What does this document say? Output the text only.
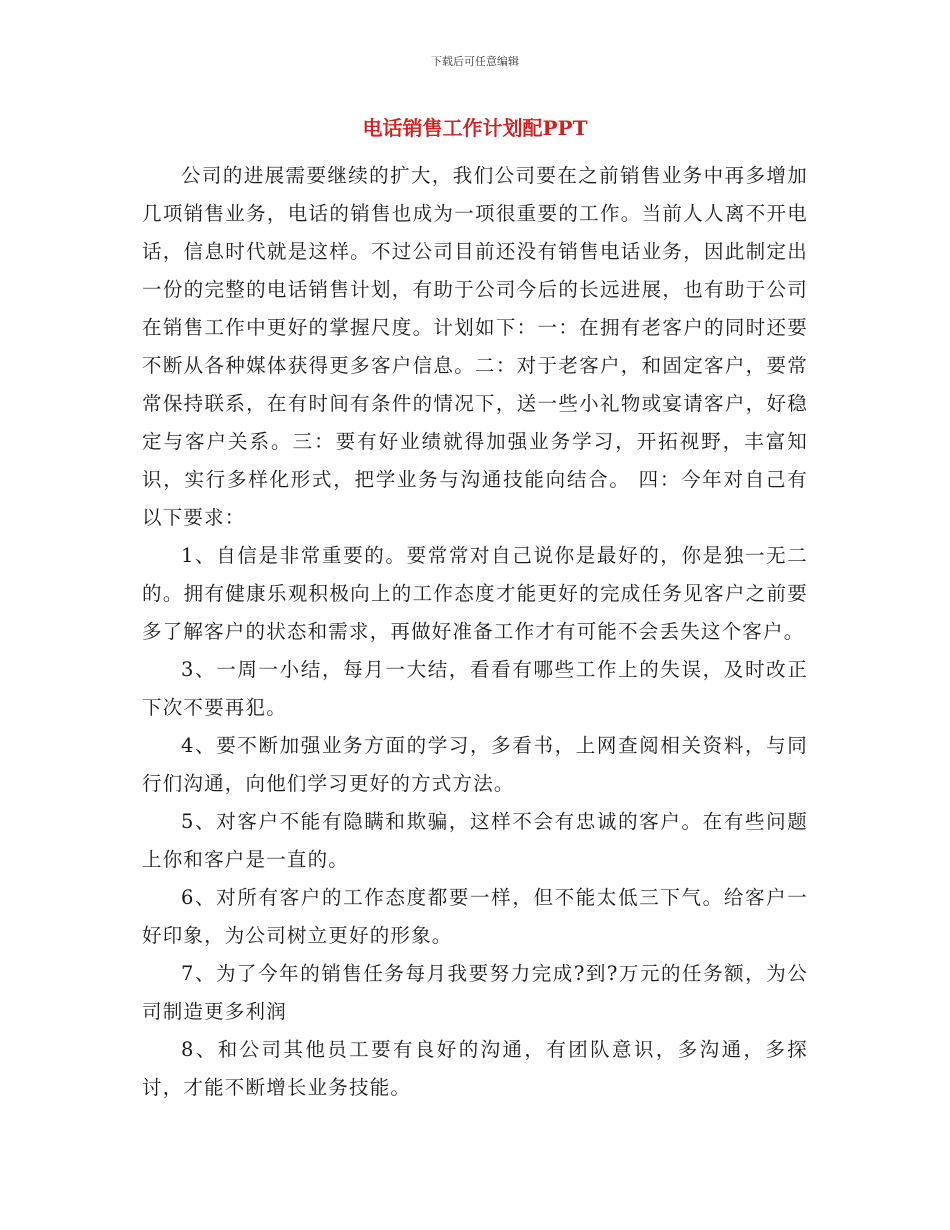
下载后可任意编辑
电话销售工作计划配PPT

公司的进展需要继续的扩大，我们公司要在之前销售业务中再多增加几项销售业务，电话的销售也成为一项很重要的工作。当前人人离不开电话，信息时代就是这样。不过公司目前还没有销售电话业务，因此制定出一份的完整的电话销售计划，有助于公司今后的长远进展，也有助于公司在销售工作中更好的掌握尺度。计划如下：一：在拥有老客户的同时还要不断从各种媒体获得更多客户信息。二：对于老客户，和固定客户，要常常保持联系，在有时间有条件的情况下，送一些小礼物或宴请客户，好稳定与客户关系。三：要有好业绩就得加强业务学习，开拓视野，丰富知识，实行多样化形式，把学业务与沟通技能向结合。 四：今年对自己有以下要求：

1、自信是非常重要的。要常常对自己说你是最好的，你是独一无二的。拥有健康乐观积极向上的工作态度才能更好的完成任务见客户之前要多了解客户的状态和需求，再做好准备工作才有可能不会丢失这个客户。

3、一周一小结，每月一大结，看看有哪些工作上的失误，及时改正下次不要再犯。

4、要不断加强业务方面的学习，多看书，上网查阅相关资料，与同行们沟通，向他们学习更好的方式方法。

5、对客户不能有隐瞒和欺骗，这样不会有忠诚的客户。在有些问题上你和客户是一直的。

6、对所有客户的工作态度都要一样，但不能太低三下气。给客户一好印象，为公司树立更好的形象。

7、为了今年的销售任务每月我要努力完成?到?万元的任务额，为公司制造更多利润

8、和公司其他员工要有良好的沟通，有团队意识，多沟通，多探讨，才能不断增长业务技能。
